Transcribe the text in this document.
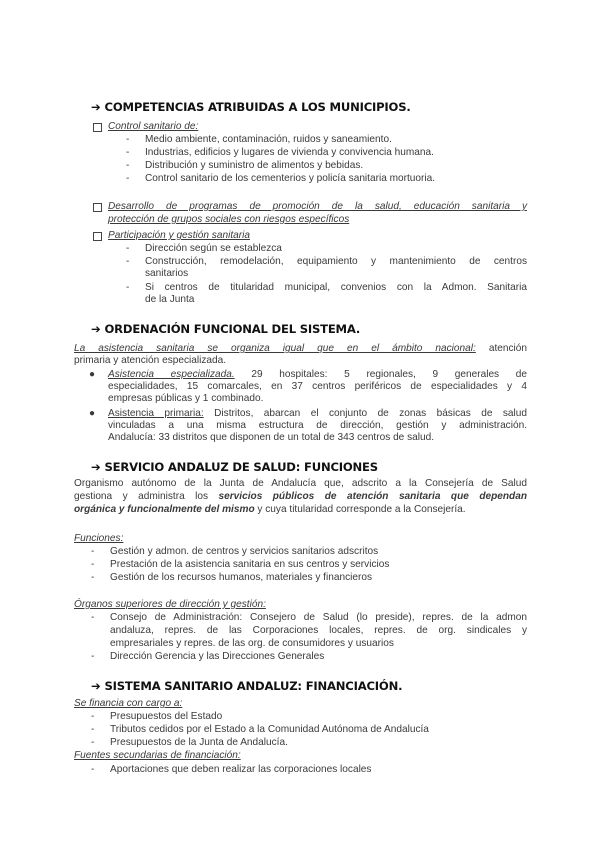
➔ COMPETENCIAS ATRIBUIDAS A LOS MUNICIPIOS.
Control sanitario de:
- Medio ambiente, contaminación, ruidos y saneamiento.
- Industrias, edificios y lugares de vivienda y convivencia humana.
- Distribución y suministro de alimentos y bebidas.
- Control sanitario de los cementerios y policía sanitaria mortuoria.
Desarrollo de programas de promoción de la salud, educación sanitaria y
protección de grupos sociales con riesgos específicos
Participación y gestión sanitaria
- Dirección según se establezca
- Construcción, remodelación, equipamiento y mantenimiento de centros
sanitarios
- Si centros de titularidad municipal, convenios con la Admon. Sanitaria
de la Junta
➔ ORDENACIÓN FUNCIONAL DEL SISTEMA.
La asistencia sanitaria se organiza igual que en el ámbito nacional: atención
primaria y atención especializada.
● Asistencia especializada. 29 hospitales: 5 regionales, 9 generales de
especialidades, 15 comarcales, en 37 centros periféricos de especialidades y 4
empresas públicas y 1 combinado.
● Asistencia primaria: Distritos, abarcan el conjunto de zonas básicas de salud
vinculadas a una misma estructura de dirección, gestión y administración.
Andalucía: 33 distritos que disponen de un total de 343 centros de salud.
➔ SERVICIO ANDALUZ DE SALUD: FUNCIONES
Organismo autónomo de la Junta de Andalucía que, adscrito a la Consejería de Salud
gestiona y administra los servicios públicos de atención sanitaria que dependan
orgánica y funcionalmente del mismo y cuya titularidad corresponde a la Consejería.
Funciones:
- Gestión y admon. de centros y servicios sanitarios adscritos
- Prestación de la asistencia sanitaria en sus centros y servicios
- Gestión de los recursos humanos, materiales y financieros
Órganos superiores de dirección y gestión:
- Consejo de Administración: Consejero de Salud (lo preside), repres. de la admon
andaluza, repres. de las Corporaciones locales, repres. de org. sindicales y
empresariales y repres. de las org. de consumidores y usuarios
- Dirección Gerencia y las Direcciones Generales
➔ SISTEMA SANITARIO ANDALUZ: FINANCIACIÓN.
Se financia con cargo a:
- Presupuestos del Estado
- Tributos cedidos por el Estado a la Comunidad Autónoma de Andalucía
- Presupuestos de la Junta de Andalucía.
Fuentes secundarias de financiación:
- Aportaciones que deben realizar las corporaciones locales
